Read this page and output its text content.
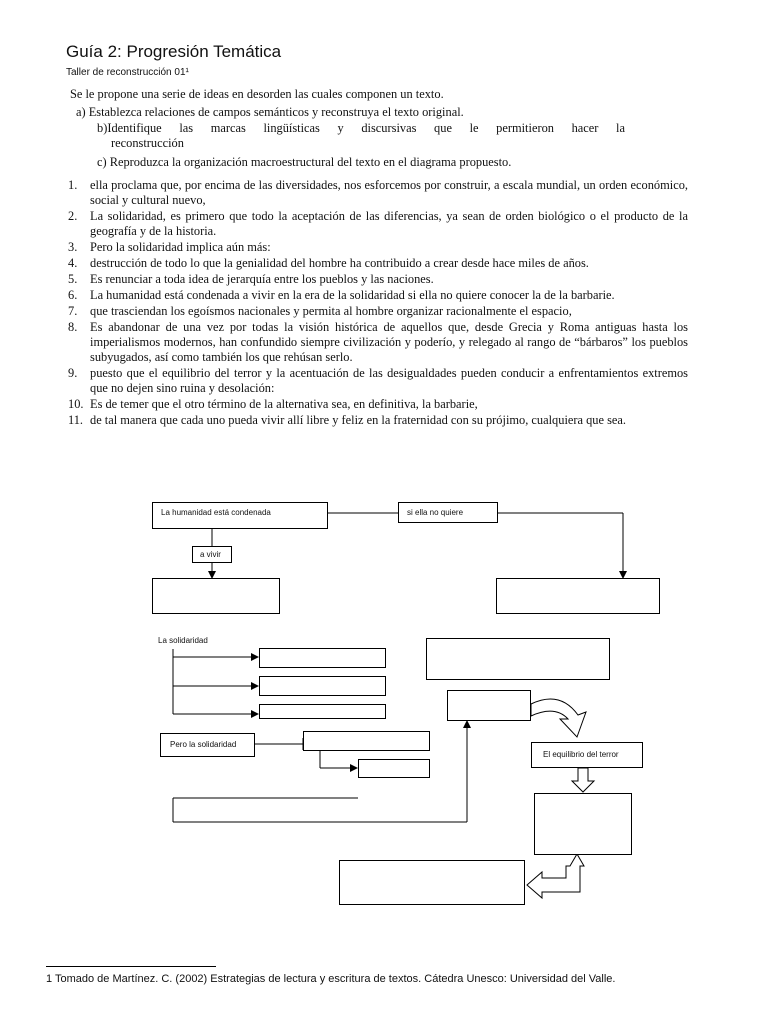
Guía 2: Progresión Temática
Taller de reconstrucción 01¹
Se le propone una serie de ideas en desorden las cuales componen un texto.
a) Establezca relaciones de campos semánticos y reconstruya el texto original.
b)Identifique las marcas lingüísticas y discursivas que le permitieron hacer la
reconstrucción
c) Reproduzca la organización macroestructural del texto en el diagrama propuesto.
1. ella proclama que, por encima de las diversidades, nos esforcemos por construir, a escala mundial, un orden económico, social y cultural nuevo,
2. La solidaridad, es primero que todo la aceptación de las diferencias, ya sean de orden biológico o el producto de la geografía y de la historia.
3. Pero la solidaridad implica aún más:
4. destrucción de todo lo que la genialidad del hombre ha contribuido a crear desde hace miles de años.
5. Es renunciar a toda idea de jerarquía entre los pueblos y las naciones.
6. La humanidad está condenada a vivir en la era de la solidaridad si ella no quiere conocer la de la barbarie.
7. que trasciendan los egoísmos nacionales y permita al hombre organizar racionalmente el espacio,
8. Es abandonar de una vez por todas la visión histórica de aquellos que, desde Grecia y Roma antiguas hasta los imperialismos modernos, han confundido siempre civilización y poderío, y relegado al rango de “bárbaros” los pueblos subyugados, así como también los que rehúsan serlo.
9. puesto que el equilibrio del terror y la acentuación de las desigualdades pueden conducir a enfrentamientos extremos que no dejen sino ruina y desolación:
10. Es de temer que el otro término de la alternativa sea, en definitiva, la barbarie,
11. de tal manera que cada uno pueda vivir allí libre y feliz en la fraternidad con su prójimo, cualquiera que sea.
La humanidad está condenada	si ella no quiere
a vivir
La solidaridad
Pero la solidaridad
El equilibrio del terror
1 Tomado de Martínez. C. (2002) Estrategias de lectura y escritura de textos. Cátedra Unesco: Universidad del Valle.
